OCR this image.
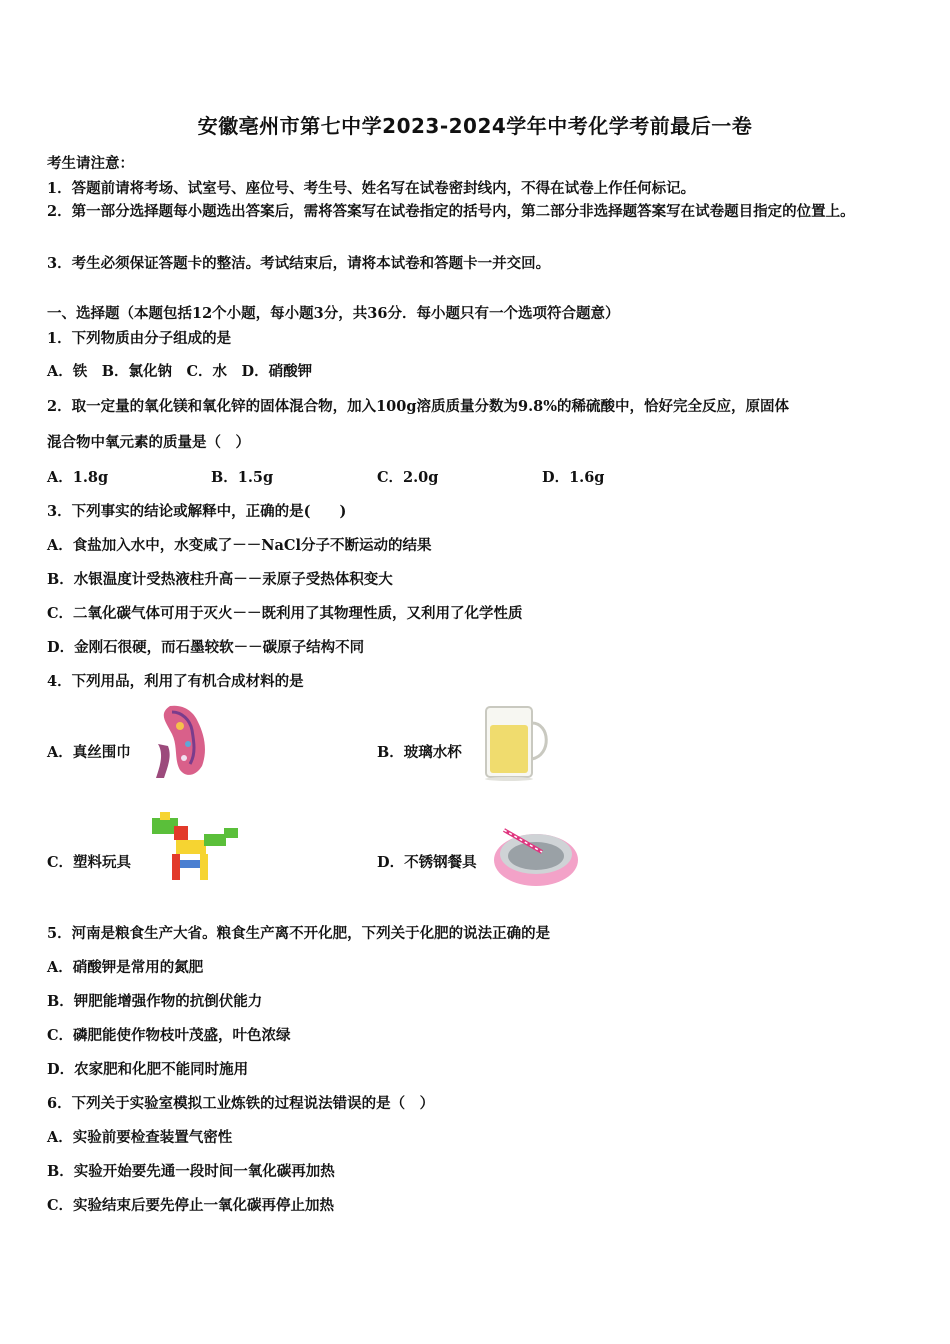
安徽亳州市第七中学2023-2024学年中考化学考前最后一卷
考生请注意：
1．答题前请将考场、试室号、座位号、考生号、姓名写在试卷密封线内，不得在试卷上作任何标记。
2．第一部分选择题每小题选出答案后，需将答案写在试卷指定的括号内，第二部分非选择题答案写在试卷题目指定的位置上。
3．考生必须保证答题卡的整洁。考试结束后，请将本试卷和答题卡一并交回。
一、选择题（本题包括12个小题，每小题3分，共36分．每小题只有一个选项符合题意）
1．下列物质由分子组成的是
A．铁　B．氯化钠　C．水　D．硝酸钾
2．取一定量的氧化镁和氧化锌的固体混合物，加入100g溶质质量分数为9.8%的稀硫酸中，恰好完全反应，原固体
混合物中氧元素的质量是（　）
A．1.8g	B．1.5g	C．2.0g	D．1.6g
3．下列事实的结论或解释中，正确的是(　　)
A．食盐加入水中，水变咸了－－NaCl分子不断运动的结果
B．水银温度计受热液柱升高－－汞原子受热体积变大
C．二氧化碳气体可用于灭火－－既利用了其物理性质，又利用了化学性质
D．金刚石很硬，而石墨较软－－碳原子结构不同
4．下列用品，利用了有机合成材料的是
A．真丝围巾	B．玻璃水杯
C．塑料玩具	D．不锈钢餐具
5．河南是粮食生产大省。粮食生产离不开化肥，下列关于化肥的说法正确的是
A．硝酸钾是常用的氮肥
B．钾肥能增强作物的抗倒伏能力
C．磷肥能使作物枝叶茂盛，叶色浓绿
D．农家肥和化肥不能同时施用
6．下列关于实验室模拟工业炼铁的过程说法错误的是（　）
A．实验前要检查装置气密性
B．实验开始要先通一段时间一氧化碳再加热
C．实验结束后要先停止一氧化碳再停止加热
